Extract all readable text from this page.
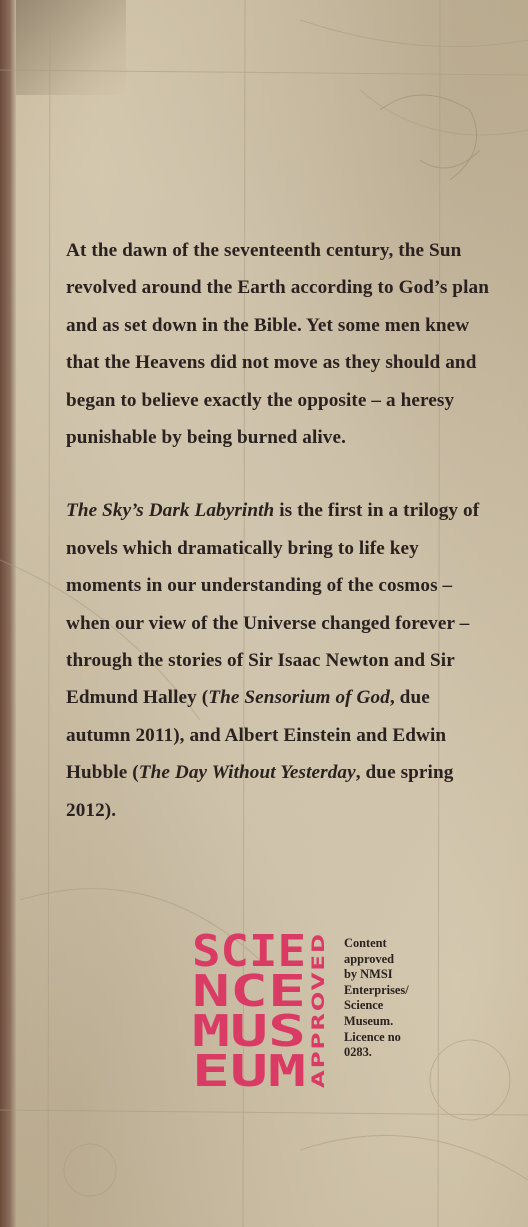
At the dawn of the seventeenth century, the Sun revolved around the Earth according to God’s plan and as set down in the Bible. Yet some men knew that the Heavens did not move as they should and began to believe exactly the opposite – a heresy punishable by being burned alive.

The Sky’s Dark Labyrinth is the first in a trilogy of novels which dramatically bring to life key moments in our understanding of the cosmos – when our view of the Universe changed forever – through the stories of Sir Isaac Newton and Sir Edmund Halley (The Sensorium of God, due autumn 2011), and Albert Einstein and Edwin Hubble (The Day Without Yesterday, due spring 2012).

SCIE
NCE
MUS
EUM APPROVED
Content
approved
by NMSI
Enterprises/
Science
Museum.
Licence no
0283.
